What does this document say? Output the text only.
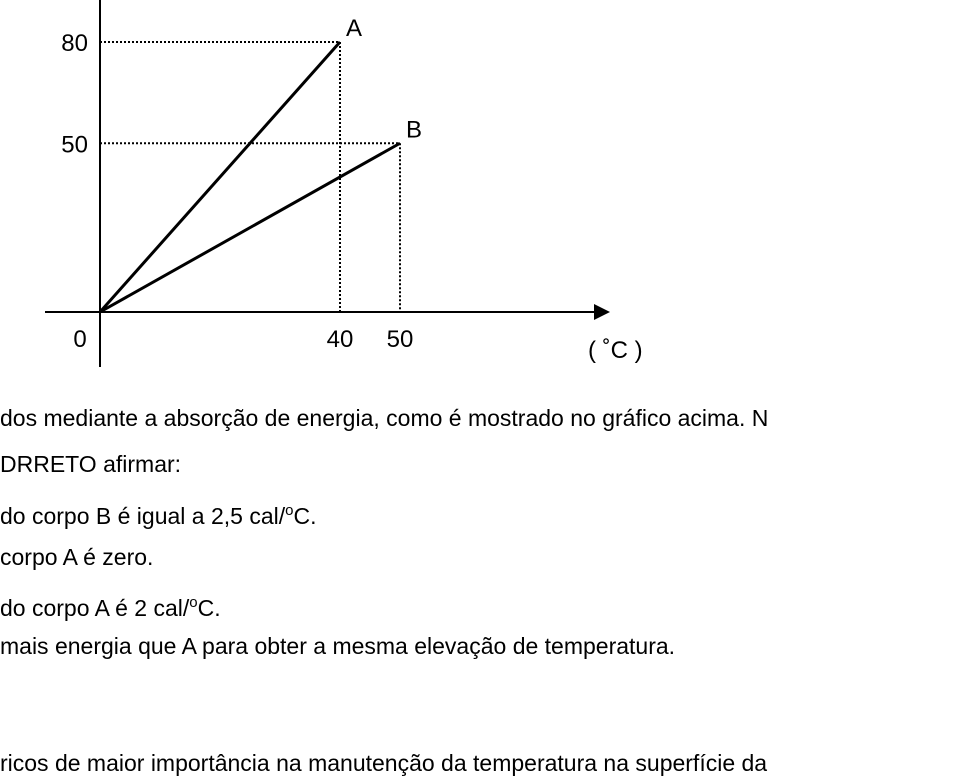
A
B
80
50
0	40 50	( ˚C )
dos mediante a absorção de energia, como é mostrado no gráfico acima. N
DRRETO afirmar:
do corpo B é igual a 2,5 cal/$^o$C.
corpo A é zero.
do corpo A é 2 cal/$^o$C.
mais energia que A para obter a mesma elevação de temperatura.
ricos de maior importância na manutenção da temperatura na superfície da
